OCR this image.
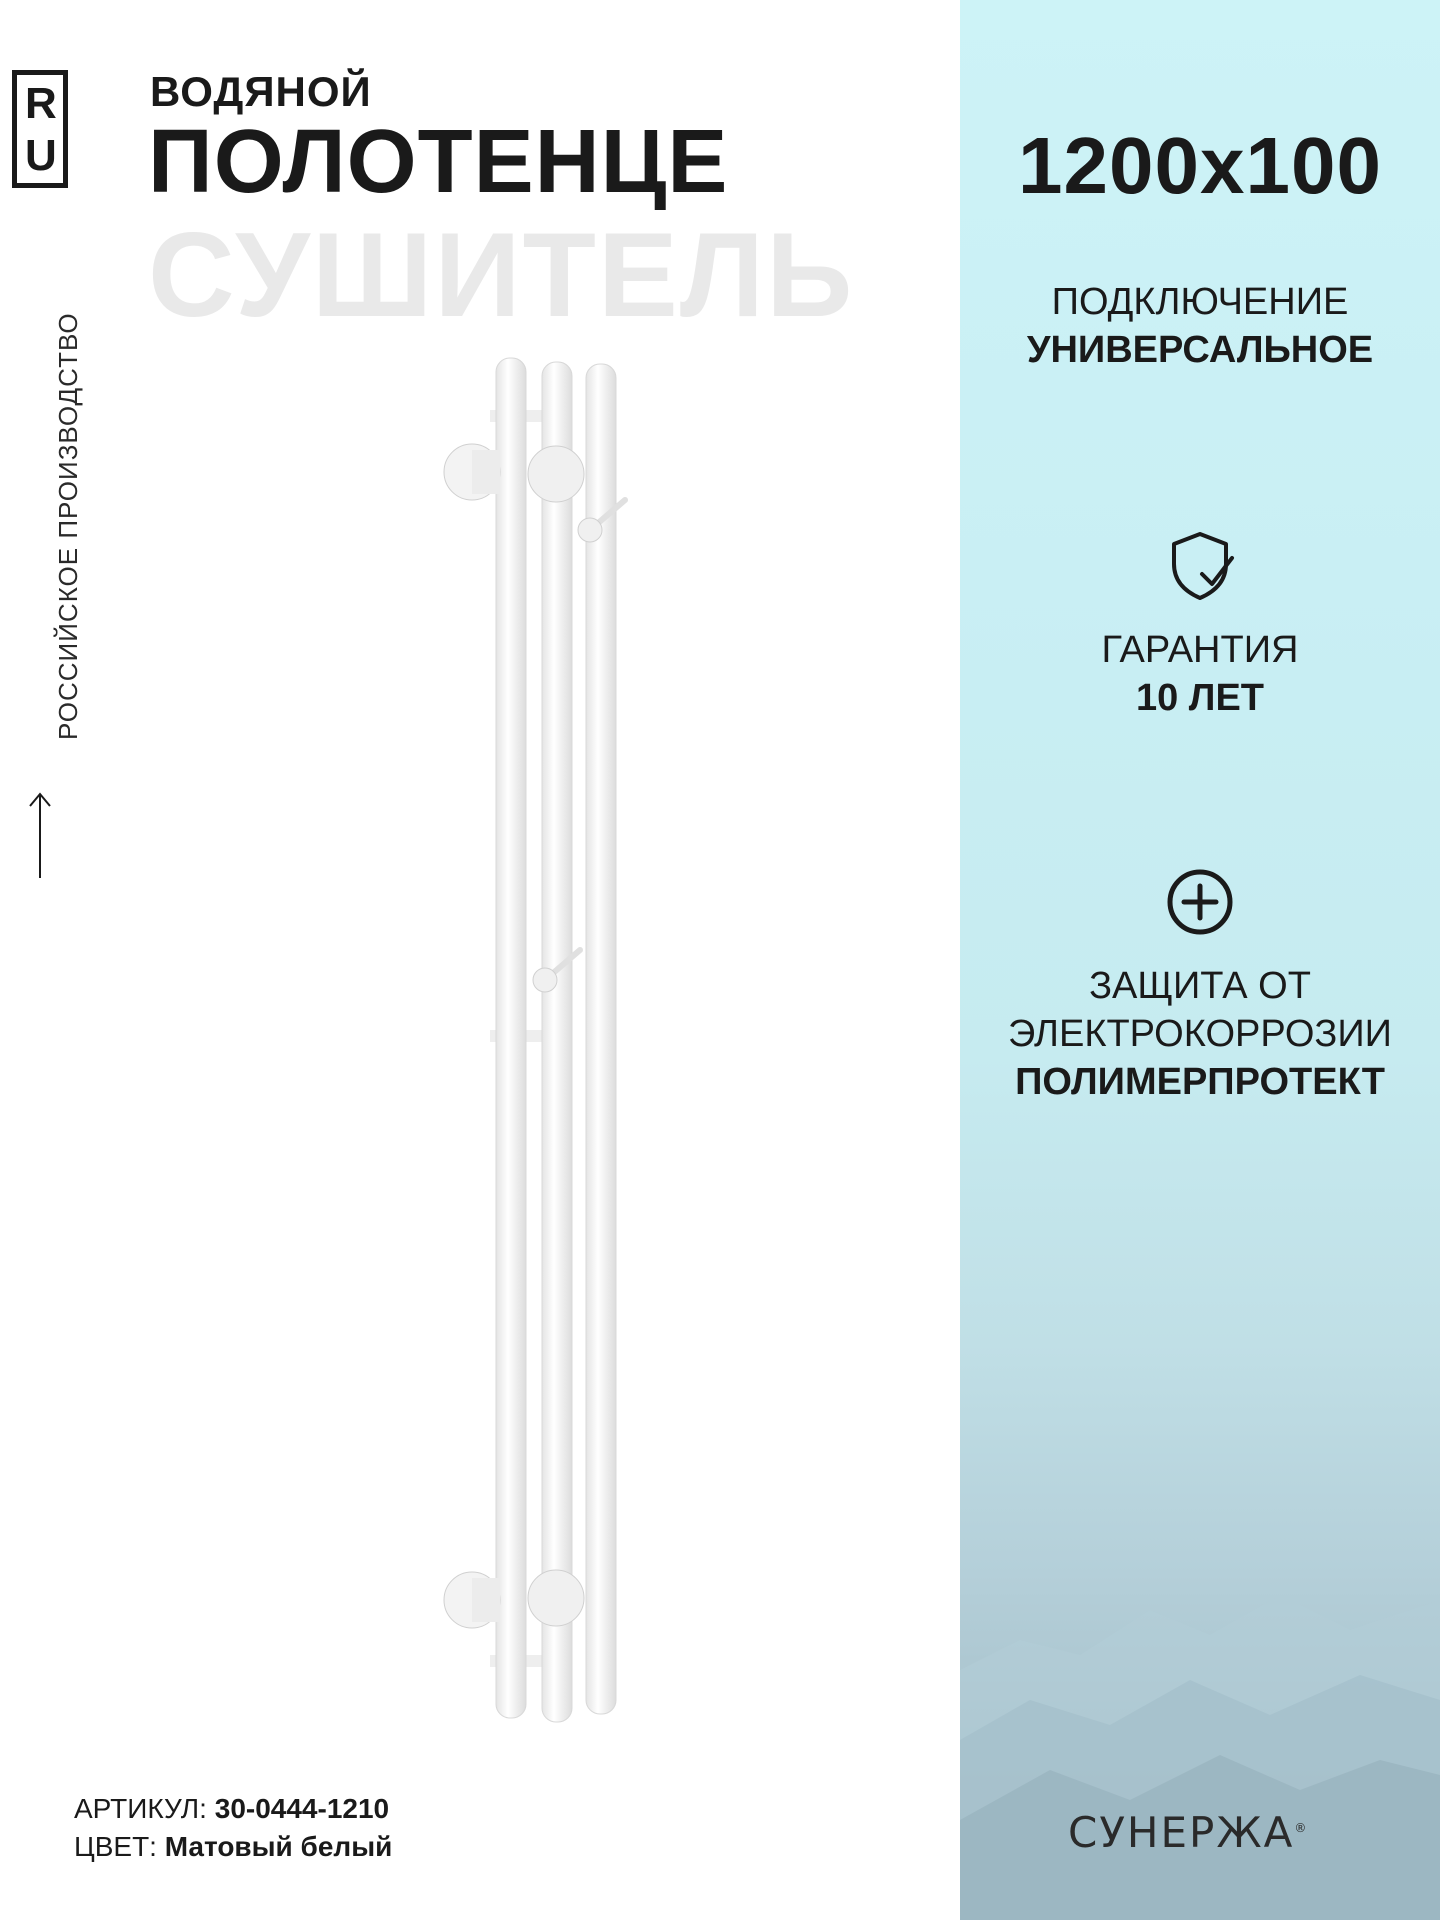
R
U
РОССИЙСКОЕ ПРОИЗВОДСТВО
ВОДЯНОЙ
ПОЛОТЕНЦЕ
СУШИТЕЛЬ
АРТИКУЛ: 30-0444-1210
ЦВЕТ: Матовый белый
1200х100
ПОДКЛЮЧЕНИЕ
УНИВЕРСАЛЬНОЕ
ГАРАНТИЯ
10 ЛЕТ
ЗАЩИТА ОТ
ЭЛЕКТРОКОРРОЗИИ
ПОЛИМЕРПРОТЕКТ
СУНЕРЖА®
